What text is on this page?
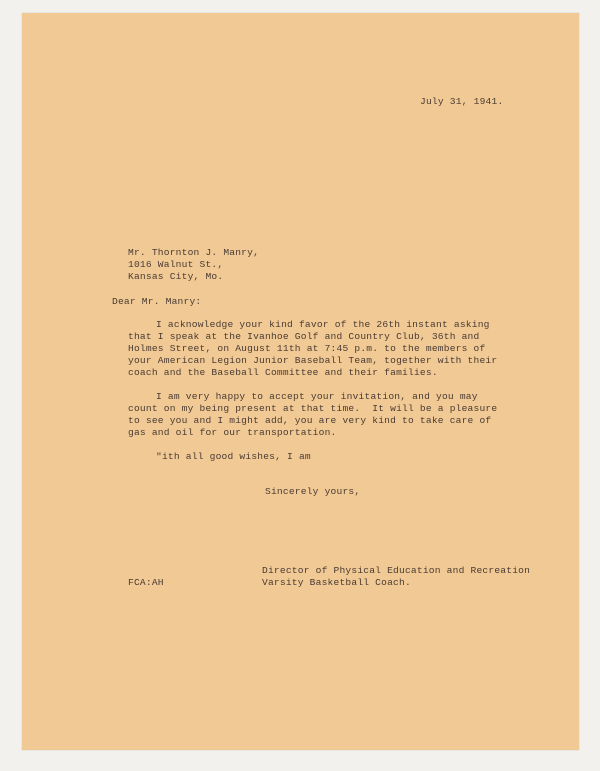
July 31, 1941.
Mr. Thornton J. Manry,
1016 Walnut St.,
Kansas City, Mo.
Dear Mr. Manry:
I acknowledge your kind favor of the 26th instant asking
that I speak at the Ivanhoe Golf and Country Club, 36th and
Holmes Street, on August 11th at 7:45 p.m. to the members of
your American Legion Junior Baseball Team, together with their
coach and the Baseball Committee and their families.
I am very happy to accept your invitation, and you may
count on my being present at that time.  It will be a pleasure
to see you and I might add, you are very kind to take care of
gas and oil for our transportation.
"ith all good wishes, I am
Sincerely yours,
Director of Physical Education and Recreation
Varsity Basketball Coach.
FCA:AH
